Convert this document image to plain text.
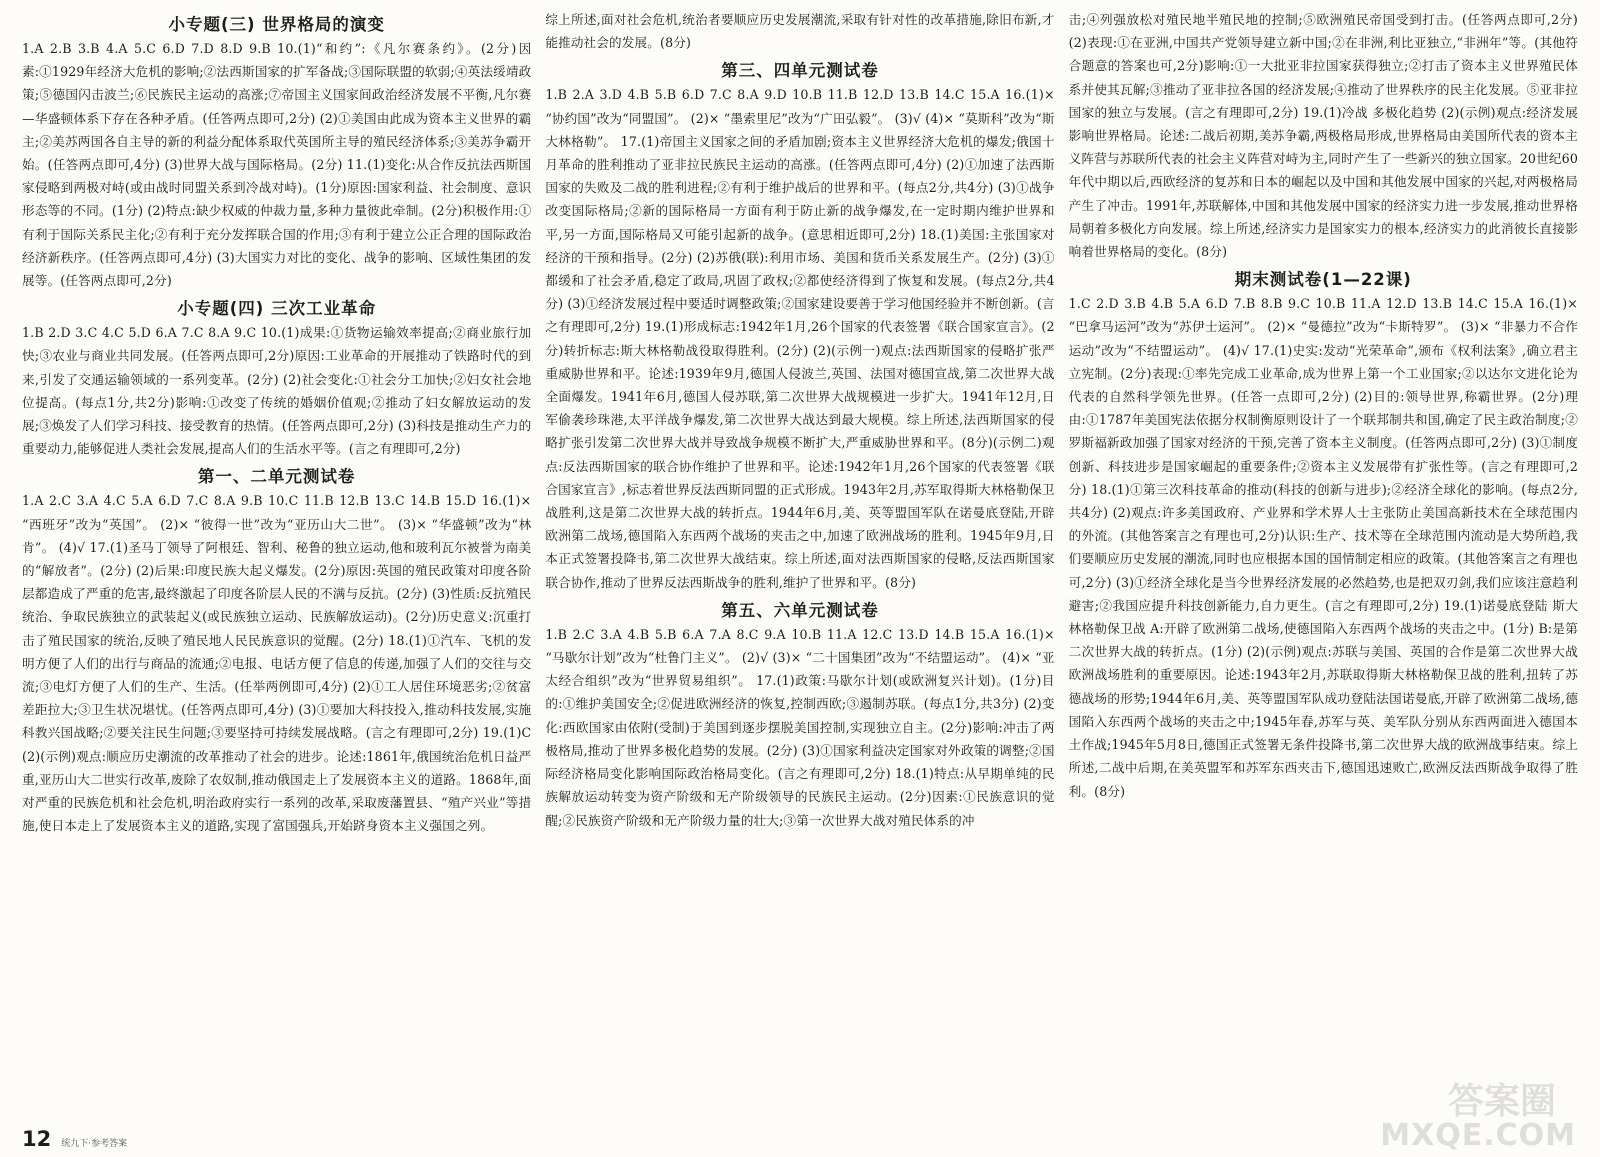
小专题(三) 世界格局的演变

1.A 2.B 3.B 4.A 5.C 6.D 7.D 8.D 9.B 10.(1)“和约”:《凡尔赛条约》。(2分)因素:①1929年经济大危机的影响;②法西斯国家的扩军备战;③国际联盟的软弱;④英法绥靖政策;⑤德国闪击波兰;⑥民族民主运动的高涨;⑦帝国主义国家间政治经济发展不平衡,凡尔赛—华盛顿体系下存在各种矛盾。(任答两点即可,2分) (2)①美国由此成为资本主义世界的霸主;②美苏两国各自主导的新的利益分配体系取代英国所主导的殖民经济体系;③美苏争霸开始。(任答两点即可,4分) (3)世界大战与国际格局。(2分) 11.(1)变化:从合作反抗法西斯国家侵略到两极对峙(或由战时同盟关系到冷战对峙)。(1分)原因:国家利益、社会制度、意识形态等的不同。(1分) (2)特点:缺少权威的仲裁力量,多种力量彼此牵制。(2分)积极作用:①有利于国际关系民主化;②有利于充分发挥联合国的作用;③有利于建立公正合理的国际政治经济新秩序。(任答两点即可,4分) (3)大国实力对比的变化、战争的影响、区域性集团的发展等。(任答两点即可,2分)

小专题(四) 三次工业革命

1.B 2.D 3.C 4.C 5.D 6.A 7.C 8.A 9.C 10.(1)成果:①货物运输效率提高;②商业旅行加快;③农业与商业共同发展。(任答两点即可,2分)原因:工业革命的开展推动了铁路时代的到来,引发了交通运输领域的一系列变革。(2分) (2)社会变化:①社会分工加快;②妇女社会地位提高。(每点1分,共2分)影响:①改变了传统的婚姻价值观;②推动了妇女解放运动的发展;③焕发了人们学习科技、接受教育的热情。(任答两点即可,2分) (3)科技是推动生产力的重要动力,能够促进人类社会发展,提高人们的生活水平等。(言之有理即可,2分)

第一、二单元测试卷

1.A 2.C 3.A 4.C 5.A 6.D 7.C 8.A 9.B 10.C 11.B 12.B 13.C 14.B 15.D 16.(1)× “西班牙”改为“英国”。 (2)× “彼得一世”改为“亚历山大二世”。 (3)× “华盛顿”改为“林肯”。 (4)√ 17.(1)圣马丁领导了阿根廷、智利、秘鲁的独立运动,他和玻利瓦尔被誉为南美的“解放者”。(2分) (2)后果:印度民族大起义爆发。(2分)原因:英国的殖民政策对印度各阶层都造成了严重的危害,最终激起了印度各阶层人民的不满与反抗。(2分) (3)性质:反抗殖民统治、争取民族独立的武装起义(或民族独立运动、民族解放运动)。(2分)历史意义:沉重打击了殖民国家的统治,反映了殖民地人民民族意识的觉醒。(2分) 18.(1)①汽车、飞机的发明方便了人们的出行与商品的流通;②电报、电话方便了信息的传递,加强了人们的交往与交流;③电灯方便了人们的生产、生活。(任举两例即可,4分) (2)①工人居住环境恶劣;②贫富差距拉大;③卫生状况堪忧。(任答两点即可,4分) (3)①要加大科技投入,推动科技发展,实施科教兴国战略;②要关注民生问题;③要坚持可持续发展战略。(言之有理即可,2分) 19.(1)C (2)(示例)观点:顺应历史潮流的改革推动了社会的进步。论述:1861年,俄国统治危机日益严重,亚历山大二世实行改革,废除了农奴制,推动俄国走上了发展资本主义的道路。1868年,面对严重的民族危机和社会危机,明治政府实行一系列的改革,采取废藩置县、“殖产兴业”等措施,使日本走上了发展资本主义的道路,实现了富国强兵,开始跻身资本主义强国之列。

综上所述,面对社会危机,统治者要顺应历史发展潮流,采取有针对性的改革措施,除旧布新,才能推动社会的发展。(8分)

第三、四单元测试卷

1.B 2.A 3.D 4.B 5.B 6.D 7.C 8.A 9.D 10.B 11.B 12.D 13.B 14.C 15.A 16.(1)× “协约国”改为“同盟国”。 (2)× “墨索里尼”改为“广田弘毅”。 (3)√ (4)× “莫斯科”改为“斯大林格勒”。 17.(1)帝国主义国家之间的矛盾加剧;资本主义世界经济大危机的爆发;俄国十月革命的胜利推动了亚非拉民族民主运动的高涨。(任答两点即可,4分) (2)①加速了法西斯国家的失败及二战的胜利进程;②有利于维护战后的世界和平。(每点2分,共4分) (3)①战争改变国际格局;②新的国际格局一方面有利于防止新的战争爆发,在一定时期内维护世界和平,另一方面,国际格局又可能引起新的战争。(意思相近即可,2分) 18.(1)美国:主张国家对经济的干预和指导。(2分) (2)苏俄(联):利用市场、美国和货币关系发展生产。(2分) (3)①都缓和了社会矛盾,稳定了政局,巩固了政权;②都使经济得到了恢复和发展。(每点2分,共4分) (3)①经济发展过程中要适时调整政策;②国家建设要善于学习他国经验并不断创新。(言之有理即可,2分) 19.(1)形成标志:1942年1月,26个国家的代表签署《联合国家宣言》。(2分)转折标志:斯大林格勒战役取得胜利。(2分) (2)(示例一)观点:法西斯国家的侵略扩张严重威胁世界和平。论述:1939年9月,德国人侵波兰,英国、法国对德国宣战,第二次世界大战全面爆发。1941年6月,德国人侵苏联,第二次世界大战规模进一步扩大。1941年12月,日军偷袭珍珠港,太平洋战争爆发,第二次世界大战达到最大规模。综上所述,法西斯国家的侵略扩张引发第二次世界大战并导致战争规模不断扩大,严重威胁世界和平。(8分)(示例二)观点:反法西斯国家的联合协作维护了世界和平。论述:1942年1月,26个国家的代表签署《联合国家宣言》,标志着世界反法西斯同盟的正式形成。1943年2月,苏军取得斯大林格勒保卫战胜利,这是第二次世界大战的转折点。1944年6月,美、英等盟国军队在诺曼底登陆,开辟欧洲第二战场,德国陷入东西两个战场的夹击之中,加速了欧洲战场的胜利。1945年9月,日本正式签署投降书,第二次世界大战结束。综上所述,面对法西斯国家的侵略,反法西斯国家联合协作,推动了世界反法西斯战争的胜利,维护了世界和平。(8分)

第五、六单元测试卷

1.B 2.C 3.A 4.B 5.B 6.A 7.A 8.C 9.A 10.B 11.A 12.C 13.D 14.B 15.A 16.(1)× “马歇尔计划”改为“杜鲁门主义”。 (2)√ (3)× “二十国集团”改为“不结盟运动”。 (4)× “亚太经合组织”改为“世界贸易组织”。 17.(1)政策:马歇尔计划(或欧洲复兴计划)。(1分)目的:①维护美国安全;②促进欧洲经济的恢复,控制西欧;③遏制苏联。(每点1分,共3分) (2)变化:西欧国家由依附(受制)于美国到逐步摆脱美国控制,实现独立自主。(2分)影响:冲击了两极格局,推动了世界多极化趋势的发展。(2分) (3)①国家利益决定国家对外政策的调整;②国际经济格局变化影响国际政治格局变化。(言之有理即可,2分) 18.(1)特点:从早期单纯的民族解放运动转变为资产阶级和无产阶级领导的民族民主运动。(2分)因素:①民族意识的觉醒;②民族资产阶级和无产阶级力量的壮大;③第一次世界大战对殖民体系的冲

击;④列强放松对殖民地半殖民地的控制;⑤欧洲殖民帝国受到打击。(任答两点即可,2分) (2)表现:①在亚洲,中国共产党领导建立新中国;②在非洲,利比亚独立,“非洲年”等。(其他符合题意的答案也可,2分)影响:①一大批亚非拉国家获得独立;②打击了资本主义世界殖民体系并使其瓦解;③推动了亚非拉各国的经济发展;④推动了世界秩序的民主化发展。⑤亚非拉国家的独立与发展。(言之有理即可,2分) 19.(1)冷战 多极化趋势 (2)(示例)观点:经济发展影响世界格局。论述:二战后初期,美苏争霸,两极格局形成,世界格局由美国所代表的资本主义阵营与苏联所代表的社会主义阵营对峙为主,同时产生了一些新兴的独立国家。20世纪60年代中期以后,西欧经济的复苏和日本的崛起以及中国和其他发展中国家的兴起,对两极格局产生了冲击。1991年,苏联解体,中国和其他发展中国家的经济实力进一步发展,推动世界格局朝着多极化方向发展。综上所述,经济实力是国家实力的根本,经济实力的此消彼长直接影响着世界格局的变化。(8分)

期末测试卷(1—22课)

1.C 2.D 3.B 4.B 5.A 6.D 7.B 8.B 9.C 10.B 11.A 12.D 13.B 14.C 15.A 16.(1)× “巴拿马运河”改为“苏伊士运河”。 (2)× “曼德拉”改为“卡斯特罗”。 (3)× “非暴力不合作运动”改为“不结盟运动”。 (4)√ 17.(1)史实:发动“光荣革命”,颁布《权利法案》,确立君主立宪制。(2分)表现:①率先完成工业革命,成为世界上第一个工业国家;②以达尔文进化论为代表的自然科学领先世界。(任答一点即可,2分) (2)目的:领导世界,称霸世界。(2分)理由:①1787年美国宪法依据分权制衡原则设计了一个联邦制共和国,确定了民主政治制度;②罗斯福新政加强了国家对经济的干预,完善了资本主义制度。(任答两点即可,2分) (3)①制度创新、科技进步是国家崛起的重要条件;②资本主义发展带有扩张性等。(言之有理即可,2分) 18.(1)①第三次科技革命的推动(科技的创新与进步);②经济全球化的影响。(每点2分,共4分) (2)观点:许多美国政府、产业界和学术界人士主张防止美国高新技术在全球范围内的外流。(其他答案言之有理也可,2分)认识:生产、技术等在全球范围内流动是大势所趋,我们要顺应历史发展的潮流,同时也应根据本国的国情制定相应的政策。(其他答案言之有理也可,2分) (3)①经济全球化是当今世界经济发展的必然趋势,也是把双刃剑,我们应该注意趋利避害;②我国应提升科技创新能力,自力更生。(言之有理即可,2分) 19.(1)诺曼底登陆 斯大林格勒保卫战 A:开辟了欧洲第二战场,使德国陷入东西两个战场的夹击之中。(1分) B:是第二次世界大战的转折点。(1分) (2)(示例)观点:苏联与美国、英国的合作是第二次世界大战欧洲战场胜利的重要原因。论述:1943年2月,苏联取得斯大林格勒保卫战的胜利,扭转了苏德战场的形势;1944年6月,美、英等盟国军队成功登陆法国诺曼底,开辟了欧洲第二战场,德国陷入东西两个战场的夹击之中;1945年春,苏军与英、美军队分别从东西两面进入德国本土作战;1945年5月8日,德国正式签署无条件投降书,第二次世界大战的欧洲战事结束。综上所述,二战中后期,在美英盟军和苏军东西夹击下,德国迅速败亡,欧洲反法西斯战争取得了胜利。(8分)

12 统九下·参考答案
答案圈
MXQE.COM
